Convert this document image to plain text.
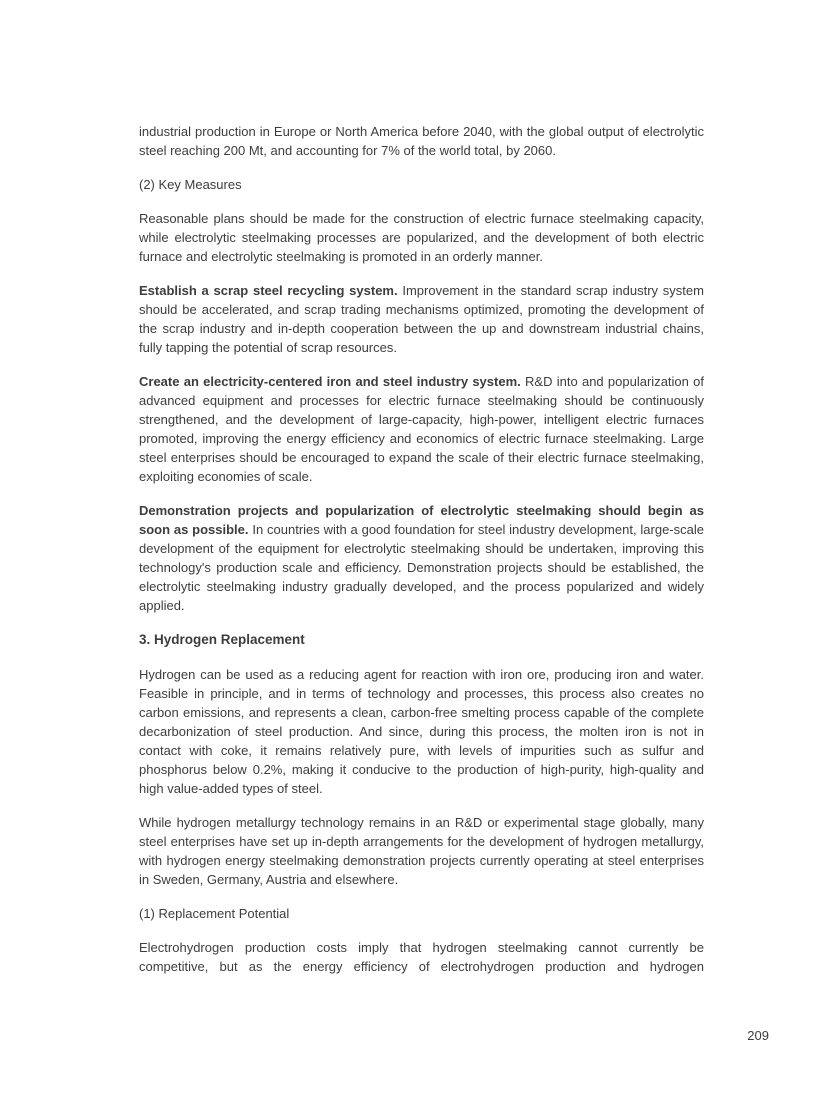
industrial production in Europe or North America before 2040, with the global output of electrolytic steel reaching 200 Mt, and accounting for 7% of the world total, by 2060.

(2) Key Measures

Reasonable plans should be made for the construction of electric furnace steelmaking capacity, while electrolytic steelmaking processes are popularized, and the development of both electric furnace and electrolytic steelmaking is promoted in an orderly manner.

Establish a scrap steel recycling system. Improvement in the standard scrap industry system should be accelerated, and scrap trading mechanisms optimized, promoting the development of the scrap industry and in-depth cooperation between the up and downstream industrial chains, fully tapping the potential of scrap resources.

Create an electricity-centered iron and steel industry system. R&D into and popularization of advanced equipment and processes for electric furnace steelmaking should be continuously strengthened, and the development of large-capacity, high-power, intelligent electric furnaces promoted, improving the energy efficiency and economics of electric furnace steelmaking. Large steel enterprises should be encouraged to expand the scale of their electric furnace steelmaking, exploiting economies of scale.

Demonstration projects and popularization of electrolytic steelmaking should begin as soon as possible. In countries with a good foundation for steel industry development, large-scale development of the equipment for electrolytic steelmaking should be undertaken, improving this technology's production scale and efficiency. Demonstration projects should be established, the electrolytic steelmaking industry gradually developed, and the process popularized and widely applied.

3. Hydrogen Replacement

Hydrogen can be used as a reducing agent for reaction with iron ore, producing iron and water. Feasible in principle, and in terms of technology and processes, this process also creates no carbon emissions, and represents a clean, carbon-free smelting process capable of the complete decarbonization of steel production. And since, during this process, the molten iron is not in contact with coke, it remains relatively pure, with levels of impurities such as sulfur and phosphorus below 0.2%, making it conducive to the production of high-purity, high-quality and high value-added types of steel.

While hydrogen metallurgy technology remains in an R&D or experimental stage globally, many steel enterprises have set up in-depth arrangements for the development of hydrogen metallurgy, with hydrogen energy steelmaking demonstration projects currently operating at steel enterprises in Sweden, Germany, Austria and elsewhere.

(1) Replacement Potential

Electrohydrogen production costs imply that hydrogen steelmaking cannot currently be competitive, but as the energy efficiency of electrohydrogen production and hydrogen

209
